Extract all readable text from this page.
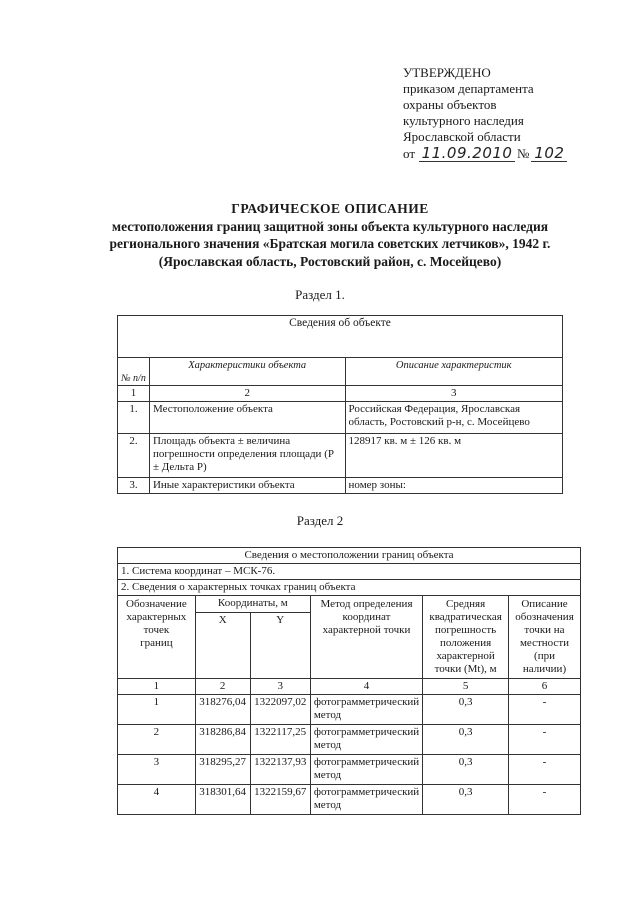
УТВЕРЖДЕНО
приказом департамента
охраны объектов
культурного наследия
Ярославской области
от 11.09.2010 № 102
ГРАФИЧЕСКОЕ ОПИСАНИЕ
местоположения границ защитной зоны объекта культурного наследия
регионального значения «Братская могила советских летчиков», 1942 г.
(Ярославская область, Ростовский район, с. Мосейцево)
Раздел 1.
Сведения об объекте		
№ п/п	Характеристики объекта	Описание характеристик
1	2	3
1.	Местоположение объекта	Российская Федерация, Ярославская область, Ростовский р-н, с. Мосейцево
2.	Площадь объекта ± величина погрешности определения площади (Р ± Дельта Р)	128917 кв. м ± 126 кв. м
3.	Иные характеристики объекта	номер зоны:
Раздел 2
Сведения о местоположении границ объекта					
1. Система координат – МСК-76.					
2. Сведения о характерных точках границ объекта					
Обозначение характерных точек границ	Координаты, м		Метод определения координат характерной точки	Средняя квадратическая погрешность положения характерной точки (Mt), м	Описание обозначения точки на местности (при наличии)
	X	Y			
1	2	3	4	5	6
1	318276,04	1322097,02	фотограмметрический метод	0,3	-
2	318286,84	1322117,25	фотограмметрический метод	0,3	-
3	318295,27	1322137,93	фотограмметрический метод	0,3	-
4	318301,64	1322159,67	фотограмметрический метод	0,3	-
